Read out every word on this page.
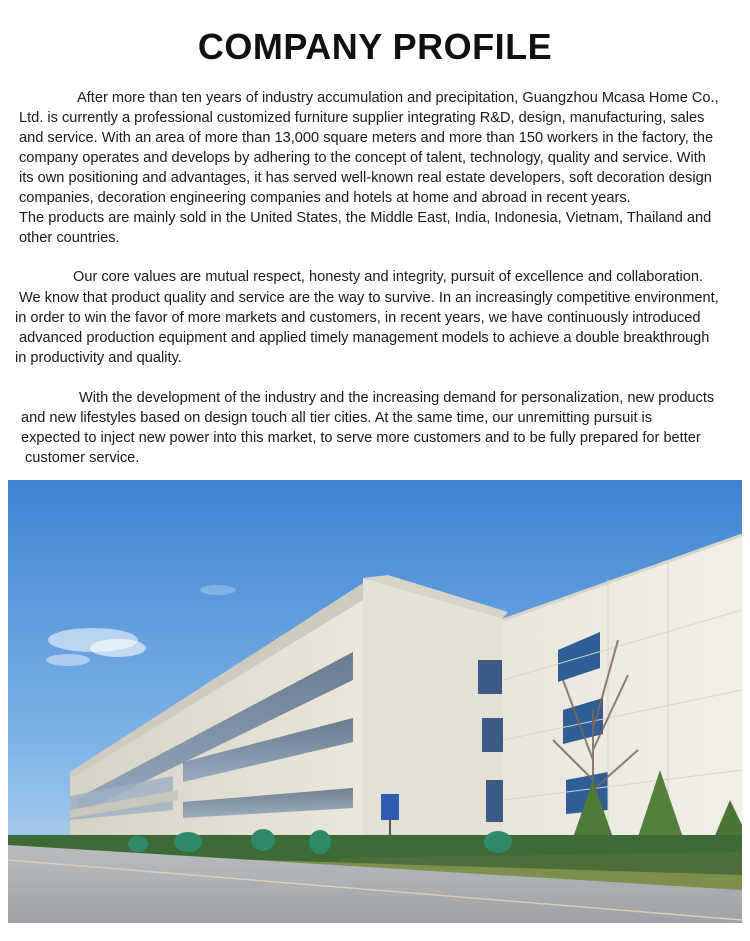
COMPANY PROFILE
After more than ten years of industry accumulation and precipitation, Guangzhou Mcasa Home Co.,
Ltd. is currently a professional customized furniture supplier integrating R&D, design, manufacturing, sales
and service. With an area of more than 13,000 square meters and more than 150 workers in the factory, the
company operates and develops by adhering to the concept of talent, technology, quality and service. With
its own positioning and advantages, it has served well-known real estate developers, soft decoration design
companies, decoration engineering companies and hotels at home and abroad in recent years.
The products are mainly sold in the United States, the Middle East, India, Indonesia, Vietnam, Thailand and
other countries.
Our core values are mutual respect, honesty and integrity, pursuit of excellence and collaboration.
We know that product quality and service are the way to survive. In an increasingly competitive environment,
in order to win the favor of more markets and customers, in recent years, we have continuously introduced
advanced production equipment and applied timely management models to achieve a double breakthrough
in productivity and quality.
With the development of the industry and the increasing demand for personalization, new products
and new lifestyles based on design touch all tier cities. At the same time, our unremitting pursuit is
expected to inject new power into this market, to serve more customers and to be fully prepared for better
customer service.
